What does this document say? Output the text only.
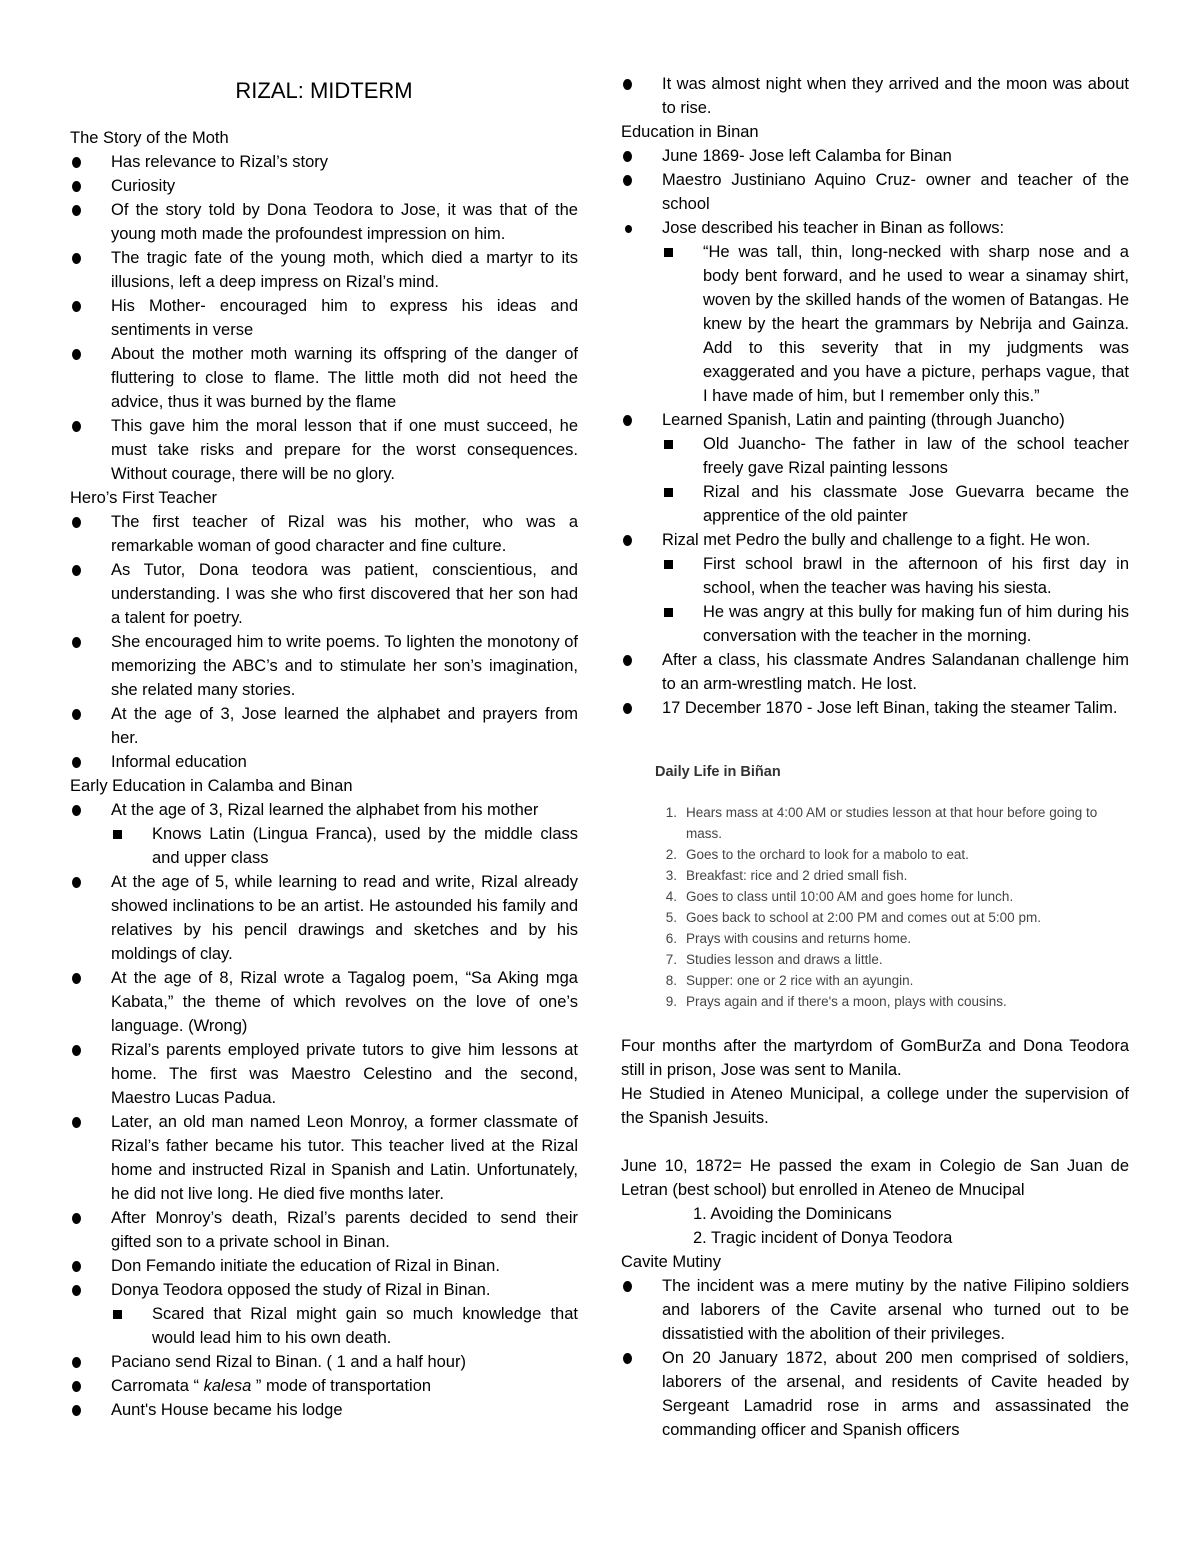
RIZAL: MIDTERM
The Story of the Moth
Has relevance to Rizal’s story
Curiosity
Of the story told by Dona Teodora to Jose, it was that of the young moth made the profoundest impression on him.
The tragic fate of the young moth, which died a martyr to its illusions, left a deep impress on Rizal’s mind.
His Mother- encouraged him to express his ideas and sentiments in verse
About the mother moth warning its offspring of the danger of fluttering to close to flame. The little moth did not heed the advice, thus it was burned by the flame
This gave him the moral lesson that if one must succeed, he must take risks and prepare for the worst consequences. Without courage, there will be no glory.
Hero’s First Teacher
The first teacher of Rizal was his mother, who was a remarkable woman of good character and fine culture.
As Tutor, Dona teodora was patient, conscientious, and understanding. I was she who first discovered that her son had a talent for poetry.
She encouraged him to write poems. To lighten the monotony of memorizing the ABC’s and to stimulate her son’s imagination, she related many stories.
At the age of 3, Jose learned the alphabet and prayers from her.
Informal education
Early Education in Calamba and Binan
At the age of 3, Rizal learned the alphabet from his mother
Knows Latin (Lingua Franca), used by the middle class and upper class
At the age of 5, while learning to read and write, Rizal already showed inclinations to be an artist. He astounded his family and relatives by his pencil drawings and sketches and by his moldings of clay.
At the age of 8, Rizal wrote a Tagalog poem, “Sa Aking mga Kabata,” the theme of which revolves on the love of one’s language. (Wrong)
Rizal’s parents employed private tutors to give him lessons at home. The first was Maestro Celestino and the second, Maestro Lucas Padua.
Later, an old man named Leon Monroy, a former classmate of Rizal’s father became his tutor. This teacher lived at the Rizal home and instructed Rizal in Spanish and Latin. Unfortunately, he did not live long. He died five months later.
After Monroy’s death, Rizal’s parents decided to send their gifted son to a private school in Binan.
Don Femando initiate the education of Rizal in Binan.
Donya Teodora opposed the study of Rizal in Binan.
Scared that Rizal might gain so much knowledge that would lead him to his own death.
Paciano send Rizal to Binan. ( 1 and a half hour)
Carromata “ kalesa ” mode of transportation
Aunt's House became his lodge
It was almost night when they arrived and the moon was about to rise.
Education in Binan
June 1869- Jose left Calamba for Binan
Maestro Justiniano Aquino Cruz- owner and teacher of the school
Jose described his teacher in Binan as follows:
“He was tall, thin, long-necked with sharp nose and a body bent forward, and he used to wear a sinamay shirt, woven by the skilled hands of the women of Batangas. He knew by the heart the grammars by Nebrija and Gainza. Add to this severity that in my judgments was exaggerated and you have a picture, perhaps vague, that I have made of him, but I remember only this.”
Learned Spanish, Latin and painting (through Juancho)
Old Juancho- The father in law of the school teacher freely gave Rizal painting lessons
Rizal and his classmate Jose Guevarra became the apprentice of the old painter
Rizal met Pedro the bully and challenge to a fight. He won.
First school brawl in the afternoon of his first day in school, when the teacher was having his siesta.
He was angry at this bully for making fun of him during his conversation with the teacher in the morning.
After a class, his classmate Andres Salandanan challenge him to an arm-wrestling match. He lost.
17 December 1870 - Jose left Binan, taking the steamer Talim.
Daily Life in Biñan
1. Hears mass at 4:00 AM or studies lesson at that hour before going to mass.
2. Goes to the orchard to look for a mabolo to eat.
3. Breakfast: rice and 2 dried small fish.
4. Goes to class until 10:00 AM and goes home for lunch.
5. Goes back to school at 2:00 PM and comes out at 5:00 pm.
6. Prays with cousins and returns home.
7. Studies lesson and draws a little.
8. Supper: one or 2 rice with an ayungin.
9. Prays again and if there's a moon, plays with cousins.
Four months after the martyrdom of GomBurZa and Dona Teodora still in prison, Jose was sent to Manila.
He Studied in Ateneo Municipal, a college under the supervision of the Spanish Jesuits.
June 10, 1872= He passed the exam in Colegio de San Juan de Letran (best school) but enrolled in Ateneo de Mnucipal
1. Avoiding the Dominicans
2. Tragic incident of Donya Teodora
Cavite Mutiny
The incident was a mere mutiny by the native Filipino soldiers and laborers of the Cavite arsenal who turned out to be dissatistied with the abolition of their privileges.
On 20 January 1872, about 200 men comprised of soldiers, laborers of the arsenal, and residents of Cavite headed by Sergeant Lamadrid rose in arms and assassinated the commanding officer and Spanish officers
